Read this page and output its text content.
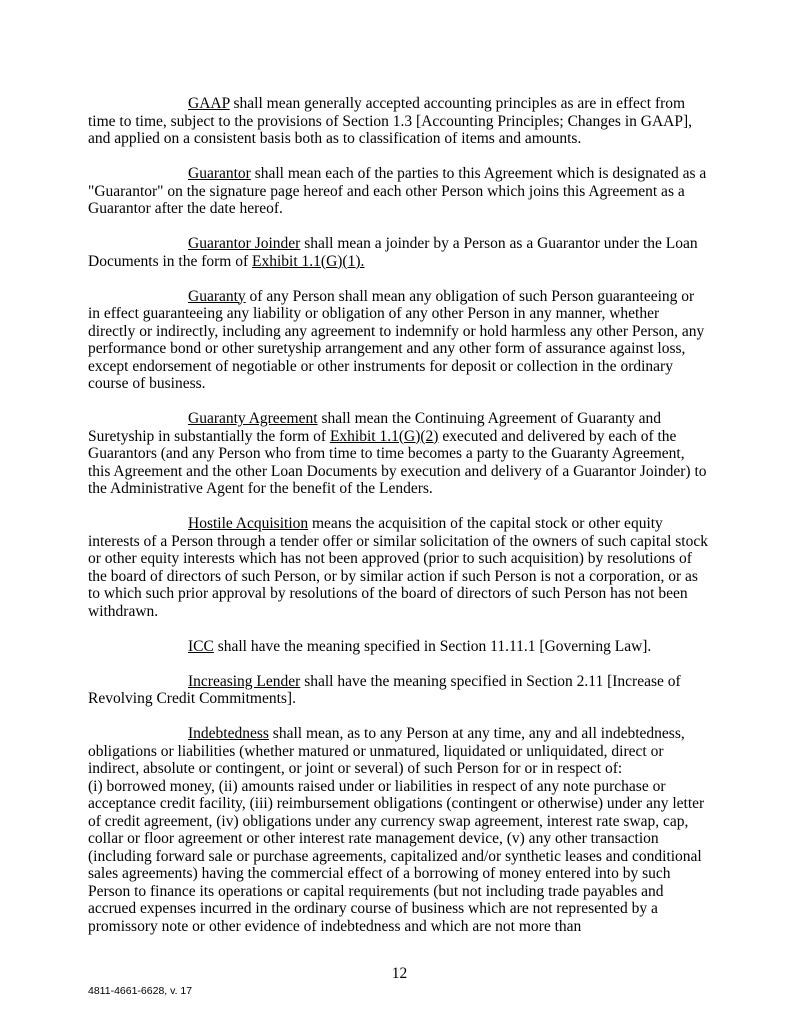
GAAP shall mean generally accepted accounting principles as are in effect from time to time, subject to the provisions of Section 1.3 [Accounting Principles; Changes in GAAP], and applied on a consistent basis both as to classification of items and amounts.

Guarantor shall mean each of the parties to this Agreement which is designated as a "Guarantor" on the signature page hereof and each other Person which joins this Agreement as a Guarantor after the date hereof.

Guarantor Joinder shall mean a joinder by a Person as a Guarantor under the Loan Documents in the form of Exhibit 1.1(G)(1).

Guaranty of any Person shall mean any obligation of such Person guaranteeing or in effect guaranteeing any liability or obligation of any other Person in any manner, whether directly or indirectly, including any agreement to indemnify or hold harmless any other Person, any performance bond or other suretyship arrangement and any other form of assurance against loss, except endorsement of negotiable or other instruments for deposit or collection in the ordinary course of business.

Guaranty Agreement shall mean the Continuing Agreement of Guaranty and Suretyship in substantially the form of Exhibit 1.1(G)(2) executed and delivered by each of the Guarantors (and any Person who from time to time becomes a party to the Guaranty Agreement, this Agreement and the other Loan Documents by execution and delivery of a Guarantor Joinder) to the Administrative Agent for the benefit of the Lenders.

Hostile Acquisition means the acquisition of the capital stock or other equity interests of a Person through a tender offer or similar solicitation of the owners of such capital stock or other equity interests which has not been approved (prior to such acquisition) by resolutions of the board of directors of such Person, or by similar action if such Person is not a corporation, or as to which such prior approval by resolutions of the board of directors of such Person has not been withdrawn.

ICC shall have the meaning specified in Section 11.11.1 [Governing Law].

Increasing Lender shall have the meaning specified in Section 2.11 [Increase of Revolving Credit Commitments].

Indebtedness shall mean, as to any Person at any time, any and all indebtedness, obligations or liabilities (whether matured or unmatured, liquidated or unliquidated, direct or indirect, absolute or contingent, or joint or several) of such Person for or in respect of:
(i) borrowed money, (ii) amounts raised under or liabilities in respect of any note purchase or acceptance credit facility, (iii) reimbursement obligations (contingent or otherwise) under any letter of credit agreement, (iv) obligations under any currency swap agreement, interest rate swap, cap, collar or floor agreement or other interest rate management device, (v) any other transaction (including forward sale or purchase agreements, capitalized and/or synthetic leases and conditional sales agreements) having the commercial effect of a borrowing of money entered into by such Person to finance its operations or capital requirements (but not including trade payables and accrued expenses incurred in the ordinary course of business which are not represented by a promissory note or other evidence of indebtedness and which are not more than

12
4811-4661-6628, v. 17
